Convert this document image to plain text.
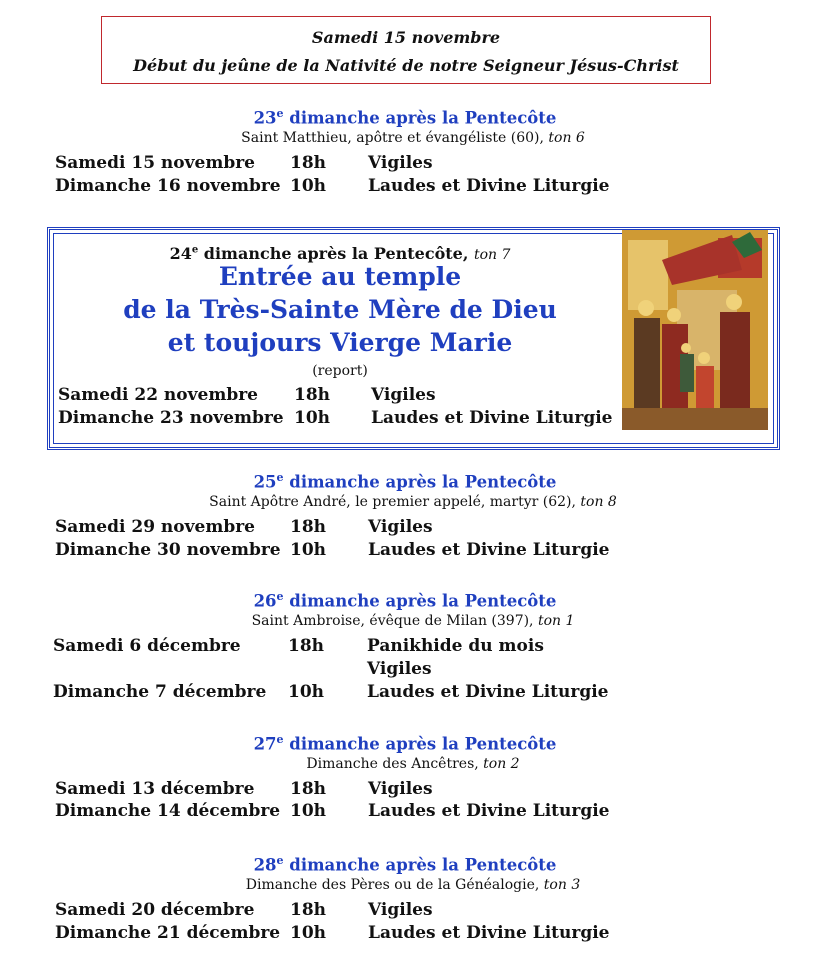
Samedi 15 novembre
Début du jeûne de la Nativité de notre Seigneur Jésus-Christ
23e dimanche après la Pentecôte
Saint Matthieu, apôtre et évangéliste (60), ton 6
Samedi 15 novembre 18h Vigiles
Dimanche 16 novembre 10h Laudes et Divine Liturgie
24e dimanche après la Pentecôte, ton 7
Entrée au temple
de la Très-Sainte Mère de Dieu
et toujours Vierge Marie
(report)
Samedi 22 novembre 18h Vigiles
Dimanche 23 novembre 10h Laudes et Divine Liturgie
25e dimanche après la Pentecôte
Saint Apôtre André, le premier appelé, martyr (62), ton 8
Samedi 29 novembre 18h Vigiles
Dimanche 30 novembre 10h Laudes et Divine Liturgie
26e dimanche après la Pentecôte
Saint Ambroise, évêque de Milan (397), ton 1
Samedi 6 décembre	18h	Panikhide du mois
Vigiles
Dimanche 7 décembre 10h	Laudes et Divine Liturgie
27e dimanche après la Pentecôte
Dimanche des Ancêtres, ton 2
Samedi 13 décembre 18h Vigiles
Dimanche 14 décembre 10h Laudes et Divine Liturgie
28e dimanche après la Pentecôte
Dimanche des Pères ou de la Généalogie, ton 3
Samedi 20 décembre 18h Vigiles
Dimanche 21 décembre 10h Laudes et Divine Liturgie
